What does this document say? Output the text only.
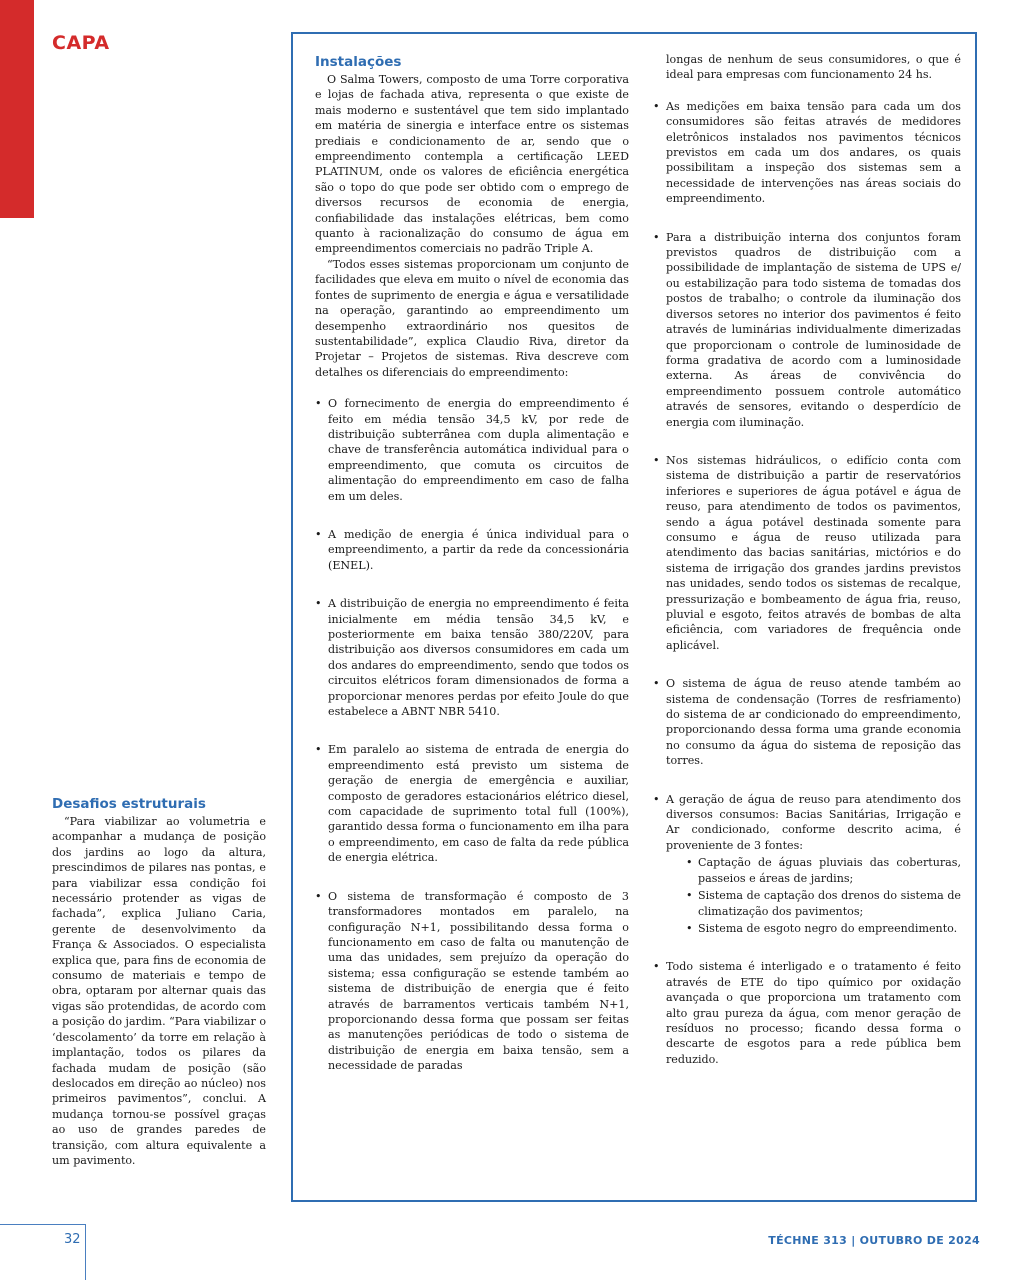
CAPA
Desafios estruturais

“Para viabilizar ao volumetria e acompanhar a mudança de posição dos jardins ao logo da altura, prescindimos de pilares nas pontas, e para viabilizar essa condição foi necessário protender as vigas de fachada”, explica Juliano Caria, gerente de desenvolvimento da França & Associados. O especialista explica que, para fins de economia de consumo de materiais e tempo de obra, optaram por alternar quais das vigas são protendidas, de acordo com a posição do jardim. “Para viabilizar o ‘descolamento’ da torre em relação à implantação, todos os pilares da fachada mudam de posição (são deslocados em direção ao núcleo) nos primeiros pavimentos”, conclui. A mudança tornou-se possível graças ao uso de grandes paredes de transição, com altura equivalente a um pavimento.

Instalações

O Salma Towers, composto de uma Torre corporativa e lojas de fachada ativa, representa o que existe de mais moderno e sustentável que tem sido implantado em matéria de sinergia e interface entre os sistemas prediais e condicionamento de ar, sendo que o empreendimento contempla a certificação LEED PLATINUM, onde os valores de eficiência energética são o topo do que pode ser obtido com o emprego de diversos recursos de economia de energia, confiabilidade das instalações elétricas, bem como quanto à racionalização do consumo de água em empreendimentos comerciais no padrão Triple A.

“Todos esses sistemas proporcionam um conjunto de facilidades que eleva em muito o nível de economia das fontes de suprimento de energia e água e versatilidade na operação, garantindo ao empreendimento um desempenho extraordinário nos quesitos de sustentabilidade”, explica Claudio Riva, diretor da Projetar – Projetos de sistemas. Riva descreve com detalhes os diferenciais do empreendimento:

• O fornecimento de energia do empreendimento é feito em média tensão 34,5 kV, por rede de distribuição subterrânea com dupla alimentação e chave de transferência automática individual para o empreendimento, que comuta os circuitos de alimentação do empreendimento em caso de falha em um deles.
• A medição de energia é única individual para o empreendimento, a partir da rede da concessionária (ENEL).
• A distribuição de energia no empreendimento é feita inicialmente em média tensão 34,5 kV, e posteriormente em baixa tensão 380/220V, para distribuição aos diversos consumidores em cada um dos andares do empreendimento, sendo que todos os circuitos elétricos foram dimensionados de forma a proporcionar menores perdas por efeito Joule do que estabelece a ABNT NBR 5410.
• Em paralelo ao sistema de entrada de energia do empreendimento está previsto um sistema de geração de energia de emergência e auxiliar, composto de geradores estacionários elétrico diesel, com capacidade de suprimento total full (100%), garantido dessa forma o funcionamento em ilha para o empreendimento, em caso de falta da rede pública de energia elétrica.
• O sistema de transformação é composto de 3 transformadores montados em paralelo, na configuração N+1, possibilitando dessa forma o funcionamento em caso de falta ou manutenção de uma das unidades, sem prejuízo da operação do sistema; essa configuração se estende também ao sistema de distribuição de energia que é feito através de barramentos verticais também N+1, proporcionando dessa forma que possam ser feitas as manutenções periódicas de todo o sistema de distribuição de energia em baixa tensão, sem a necessidade de paradas

longas de nenhum de seus consumidores, o que é ideal para empresas com funcionamento 24 hs.

• As medições em baixa tensão para cada um dos consumidores são feitas através de medidores eletrônicos instalados nos pavimentos técnicos previstos em cada um dos andares, os quais possibilitam a inspeção dos sistemas sem a necessidade de intervenções nas áreas sociais do empreendimento.
• Para a distribuição interna dos conjuntos foram previstos quadros de distribuição com a possibilidade de implantação de sistema de UPS e/ ou estabilização para todo sistema de tomadas dos postos de trabalho; o controle da iluminação dos diversos setores no interior dos pavimentos é feito através de luminárias individualmente dimerizadas que proporcionam o controle de luminosidade de forma gradativa de acordo com a luminosidade externa. As áreas de convivência do empreendimento possuem controle automático através de sensores, evitando o desperdício de energia com iluminação.
• Nos sistemas hidráulicos, o edifício conta com sistema de distribuição a partir de reservatórios inferiores e superiores de água potável e água de reuso, para atendimento de todos os pavimentos, sendo a água potável destinada somente para consumo e água de reuso utilizada para atendimento das bacias sanitárias, mictórios e do sistema de irrigação dos grandes jardins previstos nas unidades, sendo todos os sistemas de recalque, pressurização e bombeamento de água fria, reuso, pluvial e esgoto, feitos através de bombas de alta eficiência, com variadores de frequência onde aplicável.
• O sistema de água de reuso atende também ao sistema de condensação (Torres de resfriamento) do sistema de ar condicionado do empreendimento, proporcionando dessa forma uma grande economia no consumo da água do sistema de reposição das torres.
• A geração de água de reuso para atendimento dos diversos consumos: Bacias Sanitárias, Irrigação e Ar condicionado, conforme descrito acima, é proveniente de 3 fontes:
• Captação de águas pluviais das coberturas, passeios e áreas de jardins;
• Sistema de captação dos drenos do sistema de climatização dos pavimentos;
• Sistema de esgoto negro do empreendimento.
• Todo sistema é interligado e o tratamento é feito através de ETE do tipo químico por oxidação avançada o que proporciona um tratamento com alto grau pureza da água, com menor geração de resíduos no processo; ficando dessa forma o descarte de esgotos para a rede pública bem reduzido.
32	TÉCHNE 313 | OUTUBRO DE 2024
